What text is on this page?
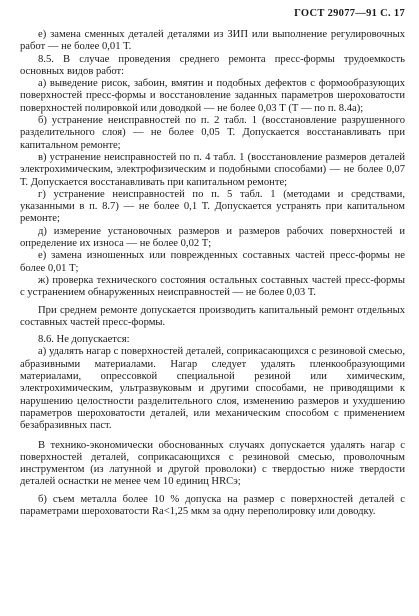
ГОСТ 29077—91 С. 17

е) замена сменных деталей деталями из ЗИП или выполнение регулировочных работ — не более 0,01 Т.

8.5. В случае проведения среднего ремонта пресс-формы трудоемкость основных видов работ:

а) выведение рисок, забоин, вмятин и подобных дефектов с формообразующих поверхностей пресс-формы и восстановление заданных параметров шероховатости поверхностей полировкой или доводкой — не более 0,03 Т (Т — по п. 8.4а);

б) устранение неисправностей по п. 2 табл. 1 (восстановление разрушенного разделительного слоя) — не более 0,05 Т. Допускается восстанавливать при капитальном ремонте;

в) устранение неисправностей по п. 4 табл. 1 (восстановление размеров деталей электрохимическим, электрофизическим и подобными способами) — не более 0,07 Т. Допускается восстанавливать при капитальном ремонте;

г) устранение неисправностей по п. 5 табл. 1 (методами и средствами, указанными в п. 8.7) — не более 0,1 Т. Допускается устранять при капитальном ремонте;

д) измерение установочных размеров и размеров рабочих поверхностей и определение их износа — не более 0,02 Т;

е) замена изношенных или поврежденных составных частей пресс-формы не более 0,01 Т;

ж) проверка технического состояния остальных составных частей пресс-формы с устранением обнаруженных неисправностей — не более 0,03 Т.

При среднем ремонте допускается производить капитальный ремонт отдельных составных частей пресс-формы.

8.6. Не допускается:

а) удалять нагар с поверхностей деталей, соприкасающихся с резиновой смесью, абразивными материалами. Нагар следует удалять пленкообразующими материалами, опрессовкой специальной резиной или химическим, электрохимическим, ультразвуковым и другими способами, не приводящими к нарушению целостности разделительного слоя, изменению размеров и ухудшению параметров шероховатости деталей, или механическим способом с применением безабразивных паст.

В технико-экономически обоснованных случаях допускается удалять нагар с поверхностей деталей, соприкасающихся с резиновой смесью, проволочным инструментом (из латунной и другой проволоки) с твердостью ниже твердости деталей оснастки не менее чем 10 единиц HRCэ;

б) съем металла более 10 % допуска на размер с поверхностей деталей с параметрами шероховатости Ra<1,25 мкм за одну переполировку или доводку.
